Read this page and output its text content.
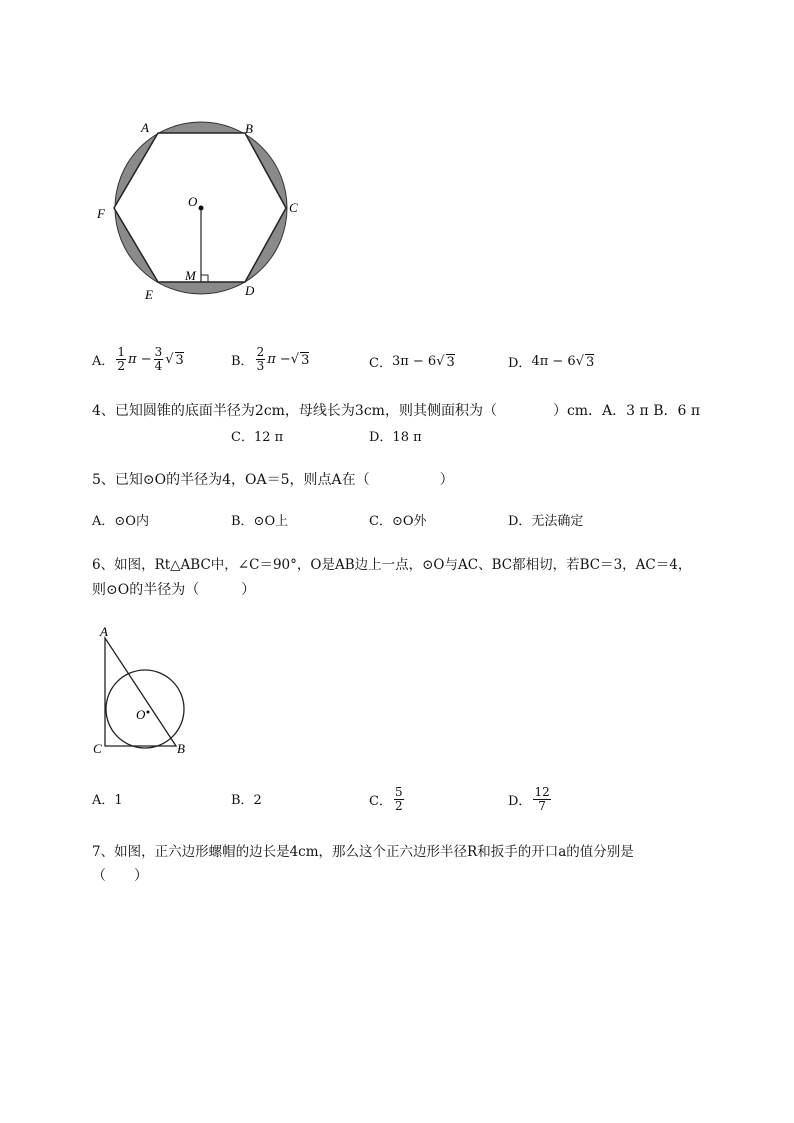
A	B
C
D
E
F
O
M
A． $\frac{1}{2}$ $\pi - \frac{3}{4}$ √ 3	B． $\frac{2}{3}$ π − √ 3	C． 3π − 6 √ 3	D． 4π − 6 √ 3
4、已知圆锥的底面半径为2cm，母线长为3cm，则其侧面积为（　　　　）cm．A．3 π B．6 π
C．12 π	D．18 π
5、已知⊙O的半径为4，OA＝5，则点A在（　　　　　）
A．⊙O内	B．⊙O上	C．⊙O外	D．无法确定
6、如图，Rt△ABC中，∠C＝90°，O是AB边上一点，⊙O与AC、BC都相切，若BC＝3，AC＝4，
则⊙O的半径为（　　　）
A
C	B
O
A．1	B．2	C． $\frac{5}{2}$	D． $\frac{12}{7}$
7、如图，正六边形螺帽的边长是4cm，那么这个正六边形半径R和扳手的开口a的值分别是
（　　）
